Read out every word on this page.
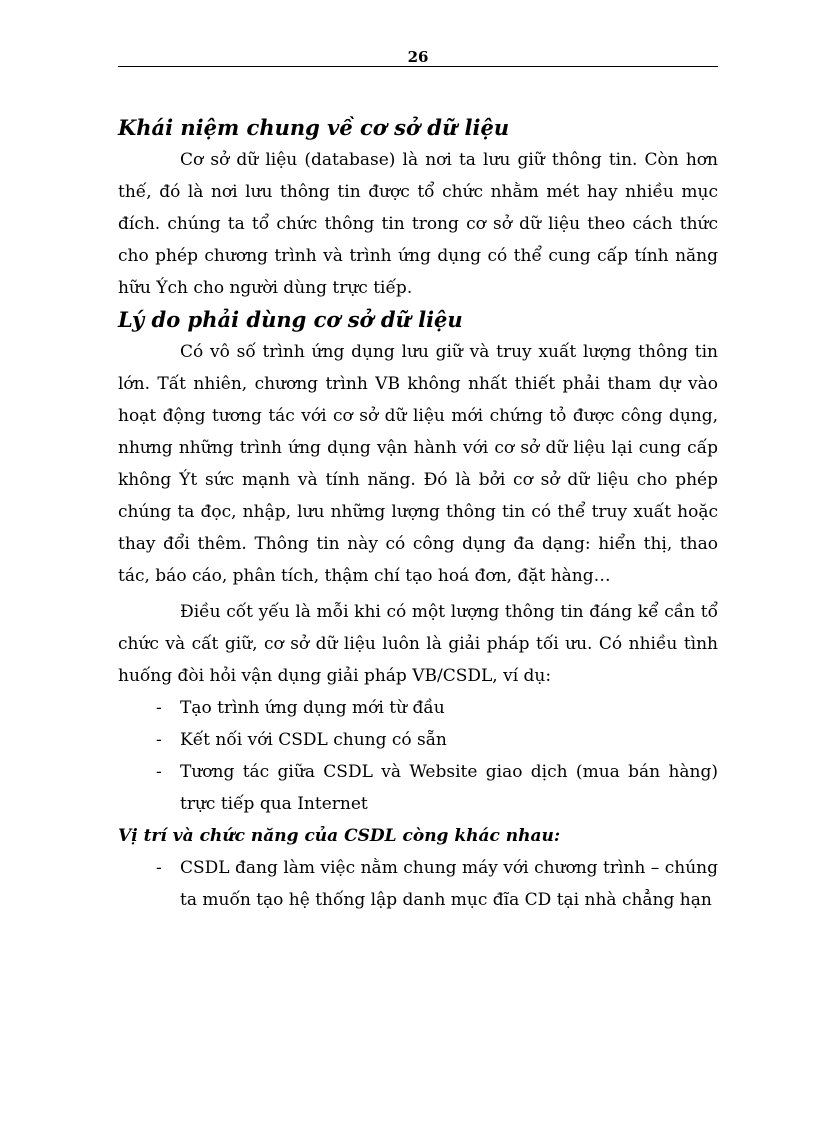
26
Khái niệm chung về cơ sở dữ liệu

Cơ sở dữ liệu (database) là nơi ta lưu giữ thông tin. Còn hơn thế, đó là nơi lưu thông tin được tổ chức nhằm mét hay nhiều mục đích. chúng ta tổ chức thông tin trong cơ sở dữ liệu theo cách thức cho phép chương trình và trình ứng dụng có thể cung cấp tính năng hữu Ých cho người dùng trực tiếp.

Lý do phải dùng cơ sở dữ liệu

Có vô số trình ứng dụng lưu giữ và truy xuất lượng thông tin lớn. Tất nhiên, chương trình VB không nhất thiết phải tham dự vào hoạt động tương tác với cơ sở dữ liệu mới chứng tỏ được công dụng, nhưng những trình ứng dụng vận hành với cơ sở dữ liệu lại cung cấp không Ýt sức mạnh và tính năng. Đó là bởi cơ sở dữ liệu cho phép chúng ta đọc, nhập, lưu những lượng thông tin có thể truy xuất hoặc thay đổi thêm. Thông tin này có công dụng đa dạng: hiển thị, thao tác, báo cáo, phân tích, thậm chí tạo hoá đơn, đặt hàng…

Điều cốt yếu là mỗi khi có một lượng thông tin đáng kể cần tổ chức và cất giữ, cơ sở dữ liệu luôn là giải pháp tối ưu. Có nhiều tình huống đòi hỏi vận dụng giải pháp VB/CSDL, ví dụ:

- Tạo trình ứng dụng mới từ đầu
- Kết nối với CSDL chung có sẵn
- Tương tác giữa CSDL và Website giao dịch (mua bán hàng) trực tiếp qua Internet
Vị trí và chức năng của CSDL còng khác nhau:
- CSDL đang làm việc nằm chung máy với chương trình – chúng ta muốn tạo hệ thống lập danh mục đĩa CD tại nhà chẳng hạn
